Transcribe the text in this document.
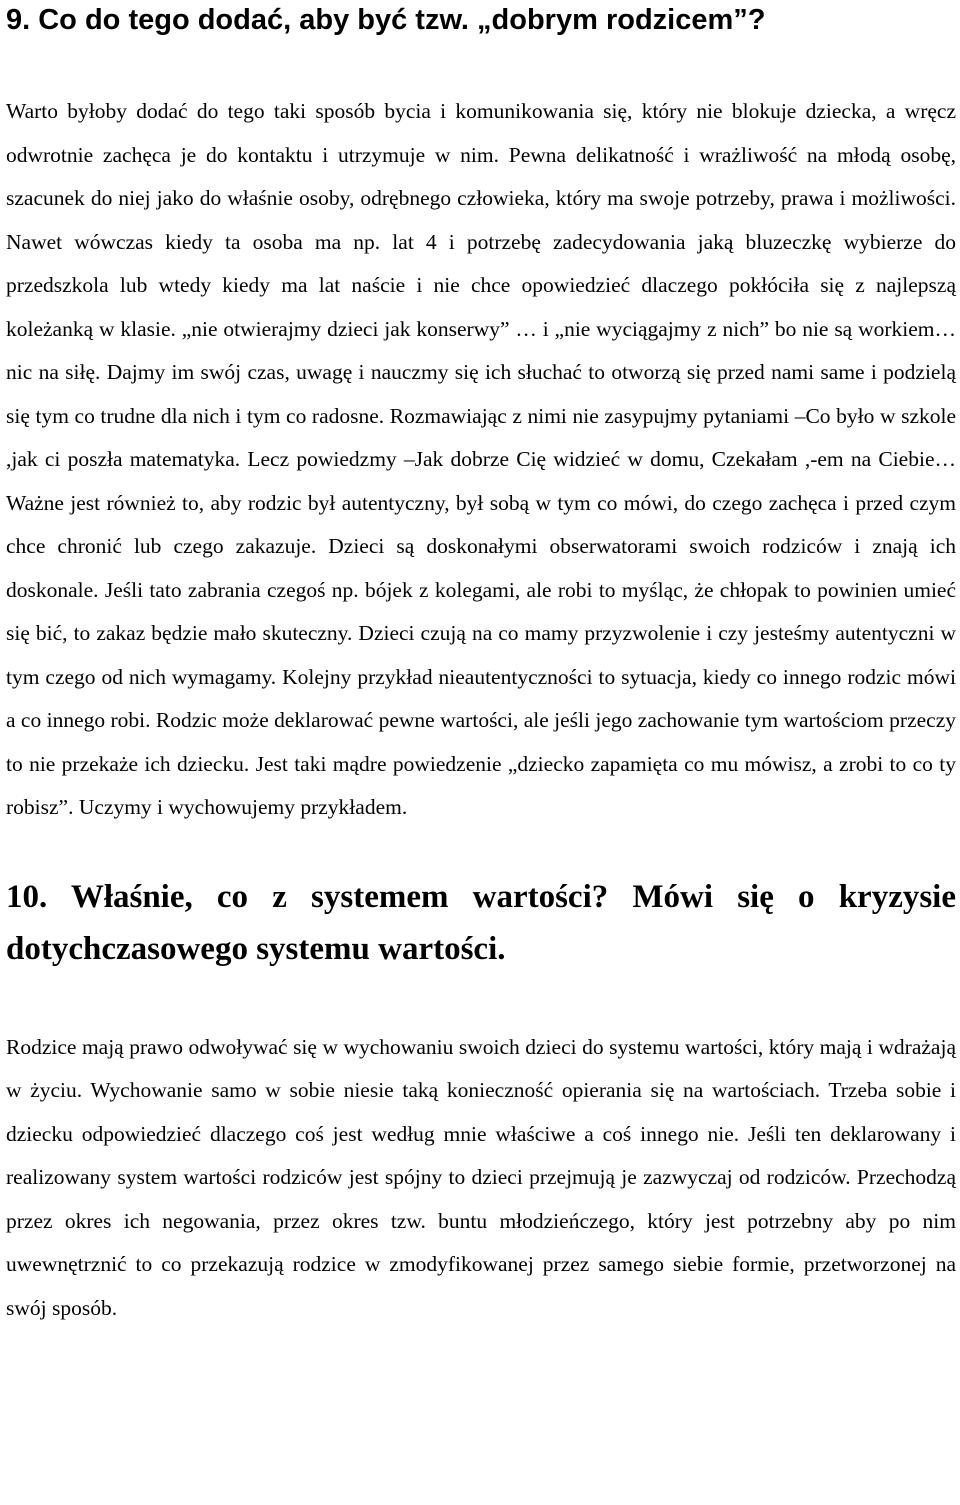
9. Co do tego dodać, aby być tzw. „dobrym rodzicem”?

Warto byłoby dodać do tego taki sposób bycia i komunikowania się, który nie blokuje dziecka, a wręcz odwrotnie zachęca je do kontaktu i utrzymuje w nim. Pewna delikatność i wrażliwość na młodą osobę, szacunek do niej jako do właśnie osoby, odrębnego człowieka, który ma swoje potrzeby, prawa i możliwości. Nawet wówczas kiedy ta osoba ma np. lat 4 i potrzebę zadecydowania jaką bluzeczkę wybierze do przedszkola lub wtedy kiedy ma lat naście i nie chce opowiedzieć dlaczego pokłóciła się z najlepszą koleżanką w klasie. „nie otwierajmy dzieci jak konserwy” … i „nie wyciągajmy z nich” bo nie są workiem… nic na siłę. Dajmy im swój czas, uwagę i nauczmy się ich słuchać to otworzą się przed nami same i podzielą się tym co trudne dla nich i tym co radosne. Rozmawiając z nimi nie zasypujmy pytaniami –Co było w szkole ,jak ci poszła matematyka. Lecz powiedzmy –Jak dobrze Cię widzieć w domu, Czekałam ,-em na Ciebie… Ważne jest również to, aby rodzic był autentyczny, był sobą w tym co mówi, do czego zachęca i przed czym chce chronić lub czego zakazuje. Dzieci są doskonałymi obserwatorami swoich rodziców i znają ich doskonale. Jeśli tato zabrania czegoś np. bójek z kolegami, ale robi to myśląc, że chłopak to powinien umieć się bić, to zakaz będzie mało skuteczny. Dzieci czują na co mamy przyzwolenie i czy jesteśmy autentyczni w tym czego od nich wymagamy. Kolejny przykład nieautentyczności to sytuacja, kiedy co innego rodzic mówi a co innego robi. Rodzic może deklarować pewne wartości, ale jeśli jego zachowanie tym wartościom przeczy to nie przekaże ich dziecku. Jest taki mądre powiedzenie „dziecko zapamięta co mu mówisz, a zrobi to co ty robisz”. Uczymy i wychowujemy przykładem.

10. Właśnie, co z systemem wartości? Mówi się o kryzysie dotychczasowego systemu wartości.

Rodzice mają prawo odwoływać się w wychowaniu swoich dzieci do systemu wartości, który mają i wdrażają w życiu. Wychowanie samo w sobie niesie taką konieczność opierania się na wartościach. Trzeba sobie i dziecku odpowiedzieć dlaczego coś jest według mnie właściwe a coś innego nie. Jeśli ten deklarowany i realizowany system wartości rodziców jest spójny to dzieci przejmują je zazwyczaj od rodziców. Przechodzą przez okres ich negowania, przez okres tzw. buntu młodzieńczego, który jest potrzebny aby po nim uwewnętrznić to co przekazują rodzice w zmodyfikowanej przez samego siebie formie, przetworzonej na swój sposób.
